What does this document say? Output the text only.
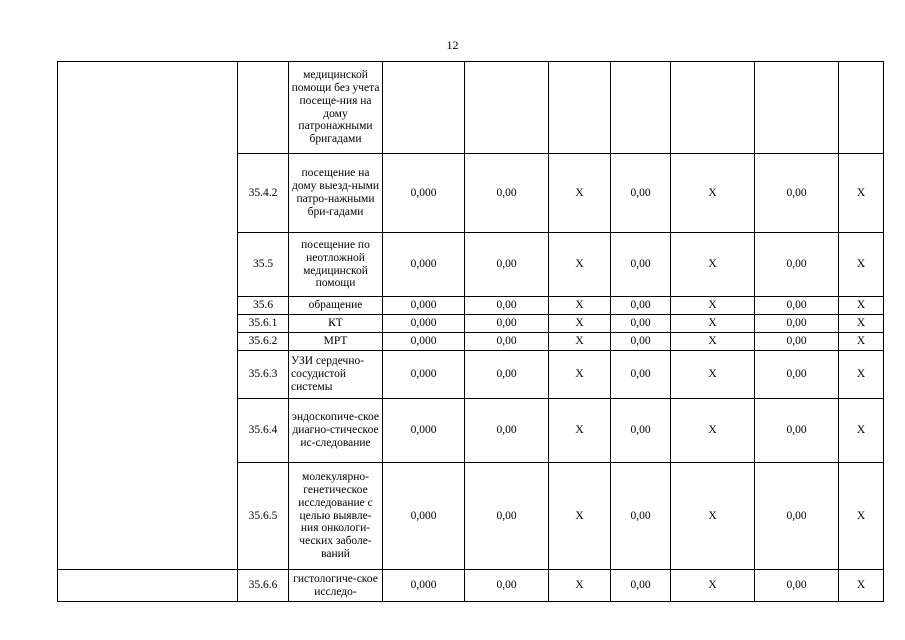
12
		медицинской помощи без учета посеще-ния на дому патронажными бригадами							
	35.4.2	посещение на дому выезд-ными патро-нажными бри-гадами	0,000	0,00	X	0,00	X	0,00	X
	35.5	посещение по неотложной медицинской помощи	0,000	0,00	X	0,00	X	0,00	X
	35.6	обращение	0,000	0,00	X	0,00	X	0,00	X
	35.6.1	КТ	0,000	0,00	X	0,00	X	0,00	X
	35.6.2	МРТ	0,000	0,00	X	0,00	X	0,00	X
	35.6.3	УЗИ сердечно-сосудистой системы	0,000	0,00	X	0,00	X	0,00	X
	35.6.4	эндоскопиче-ское диагно-стическое ис-следование	0,000	0,00	X	0,00	X	0,00	X
	35.6.5	молекулярно-генетическое исследование с целью выявле-ния онкологи-ческих заболе-ваний	0,000	0,00	X	0,00	X	0,00	X
	35.6.6	гистологиче-ское исследо-	0,000	0,00	X	0,00	X	0,00	X
